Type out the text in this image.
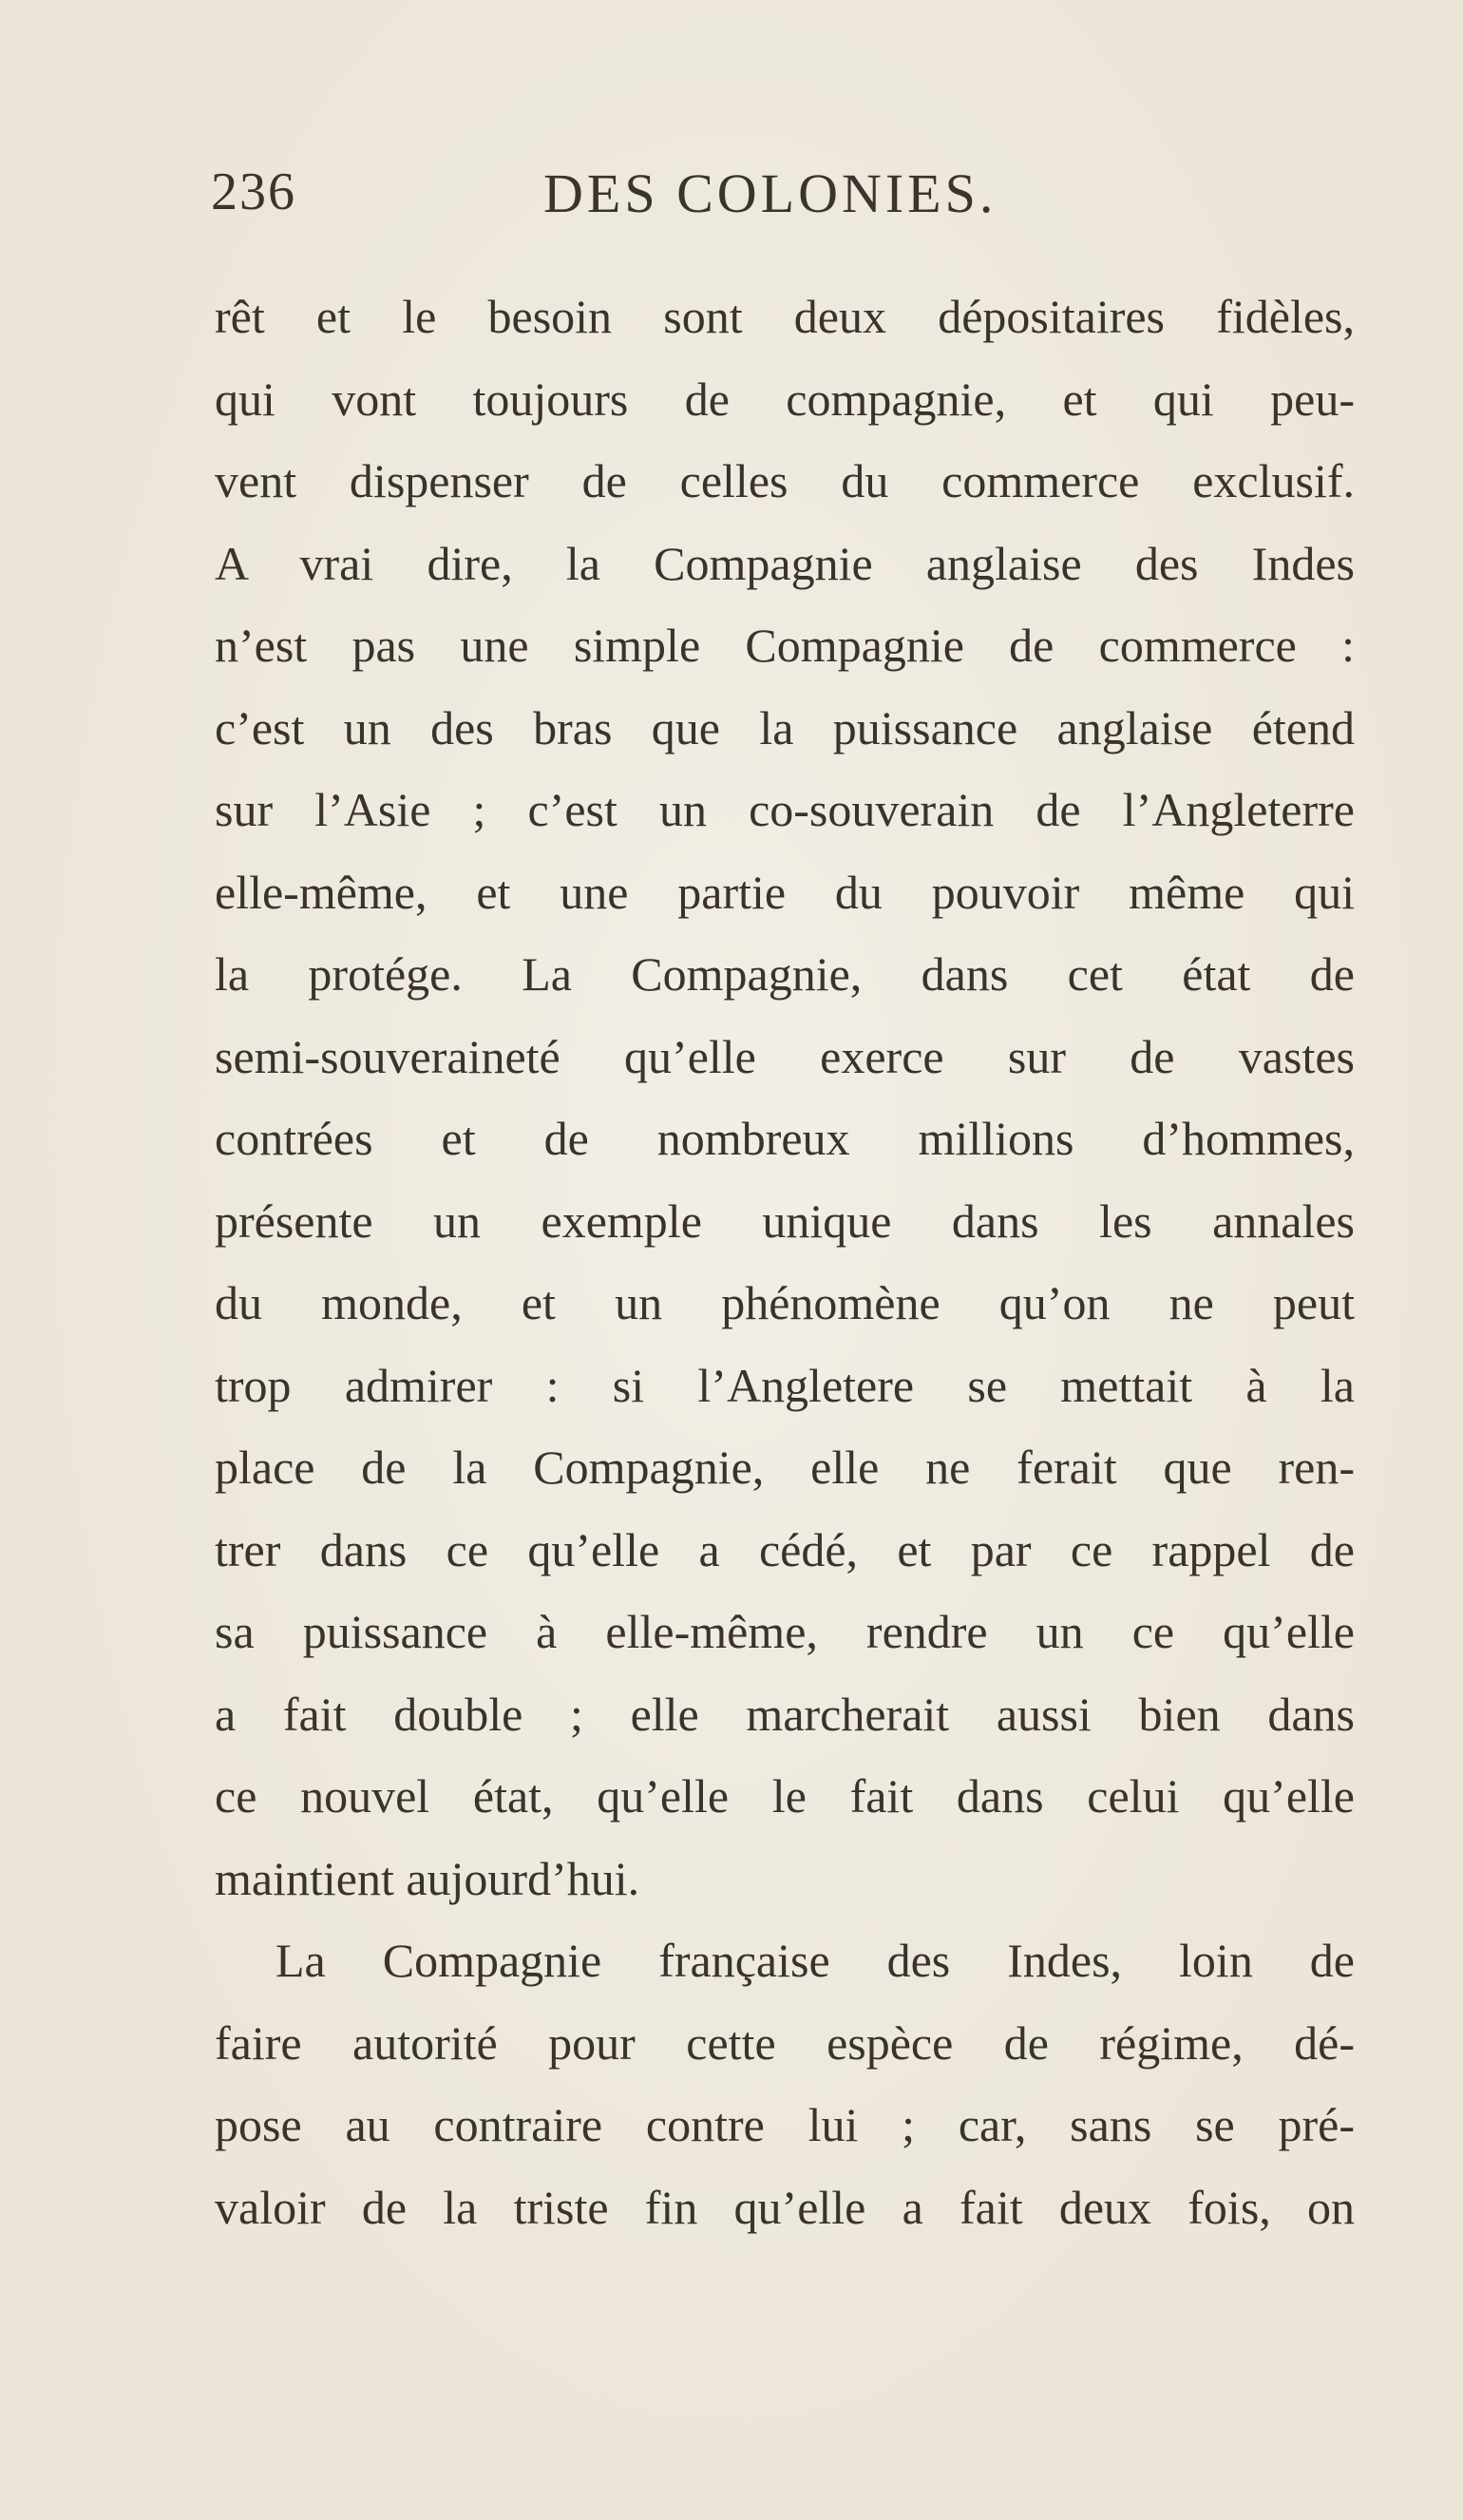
236	DES COLONIES.
rêt et le besoin sont deux dépositaires fidèles,
qui vont toujours de compagnie, et qui peu-
vent dispenser de celles du commerce exclusif.
A vrai dire, la Compagnie anglaise des Indes
n’est pas une simple Compagnie de commerce :
c’est un des bras que la puissance anglaise étend
sur l’Asie ; c’est un co-souverain de l’Angleterre
elle-même, et une partie du pouvoir même qui
la protége. La Compagnie, dans cet état de
semi-souveraineté qu’elle exerce sur de vastes
contrées et de nombreux millions d’hommes,
présente un exemple unique dans les annales
du monde, et un phénomène qu’on ne peut
trop admirer : si l’Angletere se mettait à la
place de la Compagnie, elle ne ferait que ren-
trer dans ce qu’elle a cédé, et par ce rappel de
sa puissance à elle-même, rendre un ce qu’elle
a fait double ; elle marcherait aussi bien dans
ce nouvel état, qu’elle le fait dans celui qu’elle
maintient aujourd’hui.
La Compagnie française des Indes, loin de
faire autorité pour cette espèce de régime, dé-
pose au contraire contre lui ; car, sans se pré-
valoir de la triste fin qu’elle a fait deux fois, on
